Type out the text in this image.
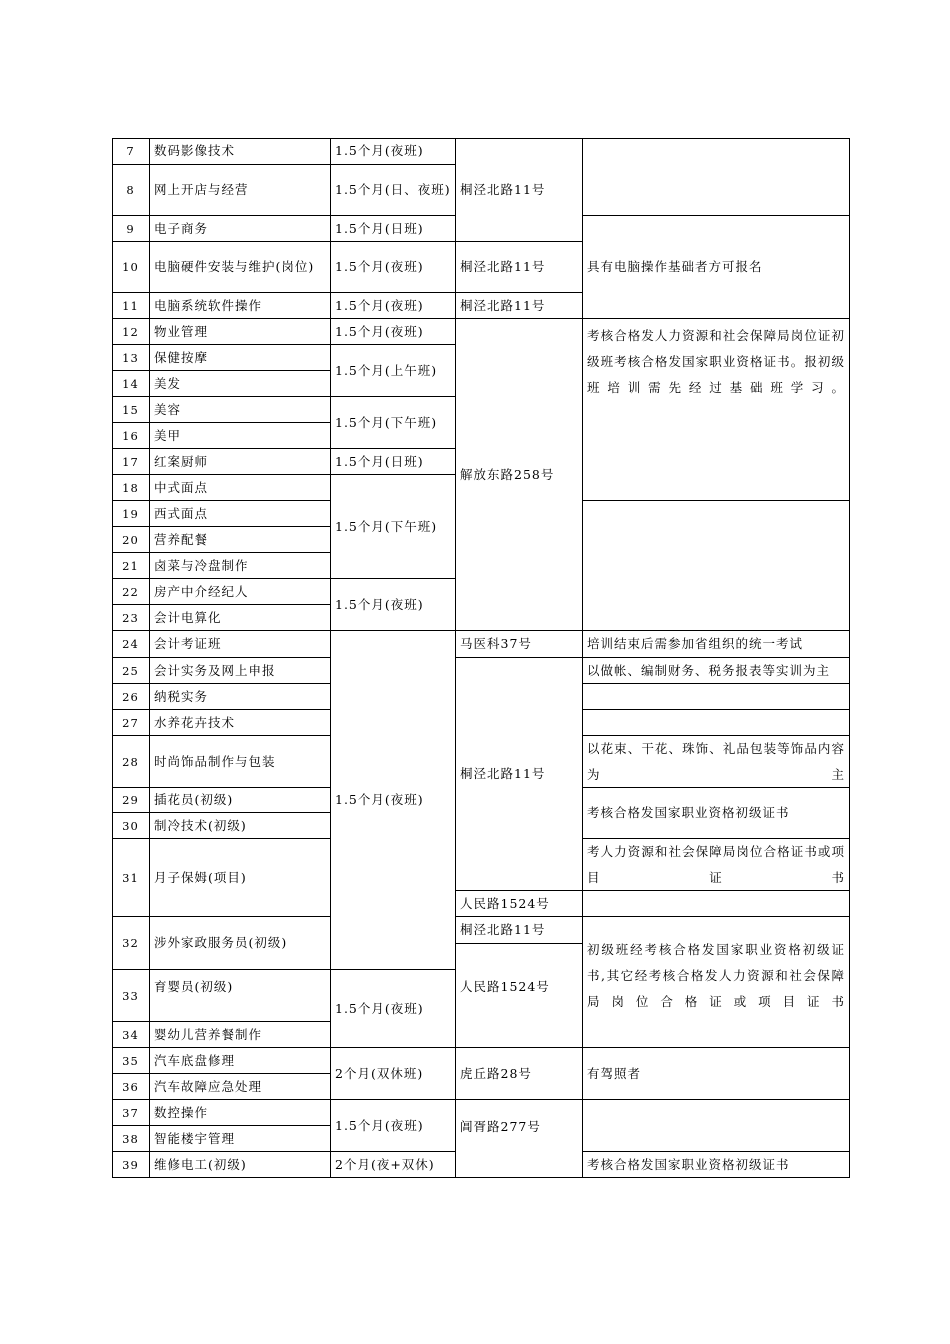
7 数码影像技术
8 网上开店与经营
9 电子商务
10 电脑硬件安装与维护(岗位)
11 电脑系统软件操作
12 物业管理
13 保健按摩
14 美发
15 美容
16 美甲
17 红案厨师
18 中式面点
19 西式面点
20 营养配餐
21 卤菜与冷盘制作
22 房产中介经纪人
23 会计电算化
24 会计考证班
25 会计实务及网上申报
26 纳税实务
27 水养花卉技术
28 时尚饰品制作与包装
29 插花员(初级)
30 制冷技术(初级)
31 月子保姆(项目)
32 涉外家政服务员(初级)
33
育婴员(初级)
34 婴幼儿营养餐制作
35 汽车底盘修理
36 汽车故障应急处理
37 数控操作
38 智能楼宇管理
39 维修电工(初级)
1.5个月(夜班)
1.5个月(日、夜班)
1.5个月(日班)
1.5个月(夜班)
1.5个月(夜班)
1.5个月(夜班)
1.5个月(上午班)
1.5个月(下午班)
1.5个月(日班)
1.5个月(下午班)
1.5个月(夜班)
1.5个月(夜班)
1.5个月(夜班)
2个月(双休班)
1.5个月(夜班)
2个月(夜+双休)
桐泾北路11号
桐泾北路11号
桐泾北路11号
解放东路258号
马医科37号
桐泾北路11号
人民路1524号
桐泾北路11号
人民路1524号
虎丘路28号
阊胥路277号
具有电脑操作基础者方可报名
考核合格发人力资源和社会保障局岗位证初级班考核合格发国家职业资格证书。报初级班培训需先经过基础班学习。
培训结束后需参加省组织的统一考试
以做帐、编制财务、税务报表等实训为主
以花束、干花、珠饰、礼品包装等饰品内容为主
考核合格发国家职业资格初级证书
考人力资源和社会保障局岗位合格证书或项目证书
初级班经考核合格发国家职业资格初级证书,其它经考核合格发人力资源和社会保障局岗位合格证或项目证书
有驾照者
考核合格发国家职业资格初级证书
